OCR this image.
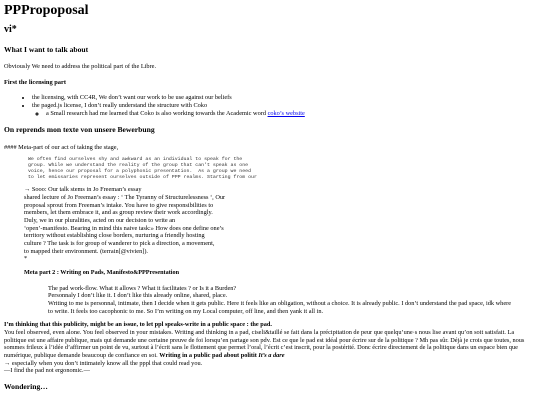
PPPropoposal
vi*
What I want to talk about

Obviously We need to address the political part of the Libre.

First the licensing part
• the licensing, with CC4R, We don’t want our work to be use against our beliefs
• the paged.js license, I don’t really understand the structure with Coko
◦ a Small research had me learned that Coko is also working towards the Academic word coko’s website
On reprends mon texte von unsere Bewerbung

#### Meta-part of our act of taking the stage,

We often find ourselves shy and awkward as an individual to speak for the
group. While we understand the reality of the group that can’t speak as one
voice, hence our proposal for a polyphonic presentation.  As a group we need
to let emissaries represent ourselves outside of PPP realms. Starting from our

→ Sooo: Our talk stems in Jo Freeman’s essay
shared lecture of Jo Freeman’s essay : ‘ The Tyranny of Structurelessness ‘, Our
proposal sprout from Freeman’s intake. You have to give responsibilities to
members, let them embrace it, and as group review their work accordingly.
Duly, we in our pluralities, acted on our decision to write an
‘open’-manifesto. Bearing in mind this naive task:» How does one define one’s
territory without establishing close borders, nurturing a friendly hosting
culture ? The task is for group of wanderer to pick a direction, a movement,
to mapped their environment. (terrain[@vivien]).
*

Meta part 2 : Writing on Pads, Manifesto&PPPresentation

The pad work-flow. What it allows ? What it facilitates ? or Is it a Burden?

Personnaly I don’t like it. I don’t like this already online, shared, place.

Writing to me is personnal, intimate, then I decide when it gets public. Here it feels like an obligation, without a choice. It is already public. I don’t understand the pad space, idk where

to write. It feels too cacophonic to me. So I’m writing on my Local computer, off line, and then yank it all in.

I’m thinking that this publicity, might be an issue, to let ppl speaks-write in a public space : the pad.

You feel observed, even alone. You feel observed in your mistakes. Writing and thinking in a pad, ciseli&taillé se fait dans la précipitation de peur que quelqu’une·s nous lise avant qu’on soit satisfait. La politique est une affaire publique, mais qui demande une certaine preuve de foi lorsqu’en partage son pdv. Est ce que le pad est idéal pour écrire sur de la politique ? Mh pas sûr. Déjà je crois que toutes, nous sommes frileux à l’idée d’affirmer un point de vu, surtout à l’écrit sans le flottement que permet l’oral, l’écrit c’est inscrit, pour la postérité. Donc écrire directement de la politique dans un espace bien que numérique, publique demande beaucoup de confiance en soi. Writing in a public pad about politit It’s a dare

→ especially when you don’t intimately know all the pppl that could read you.

—I find the pad not ergonomic.—

Wondering…
